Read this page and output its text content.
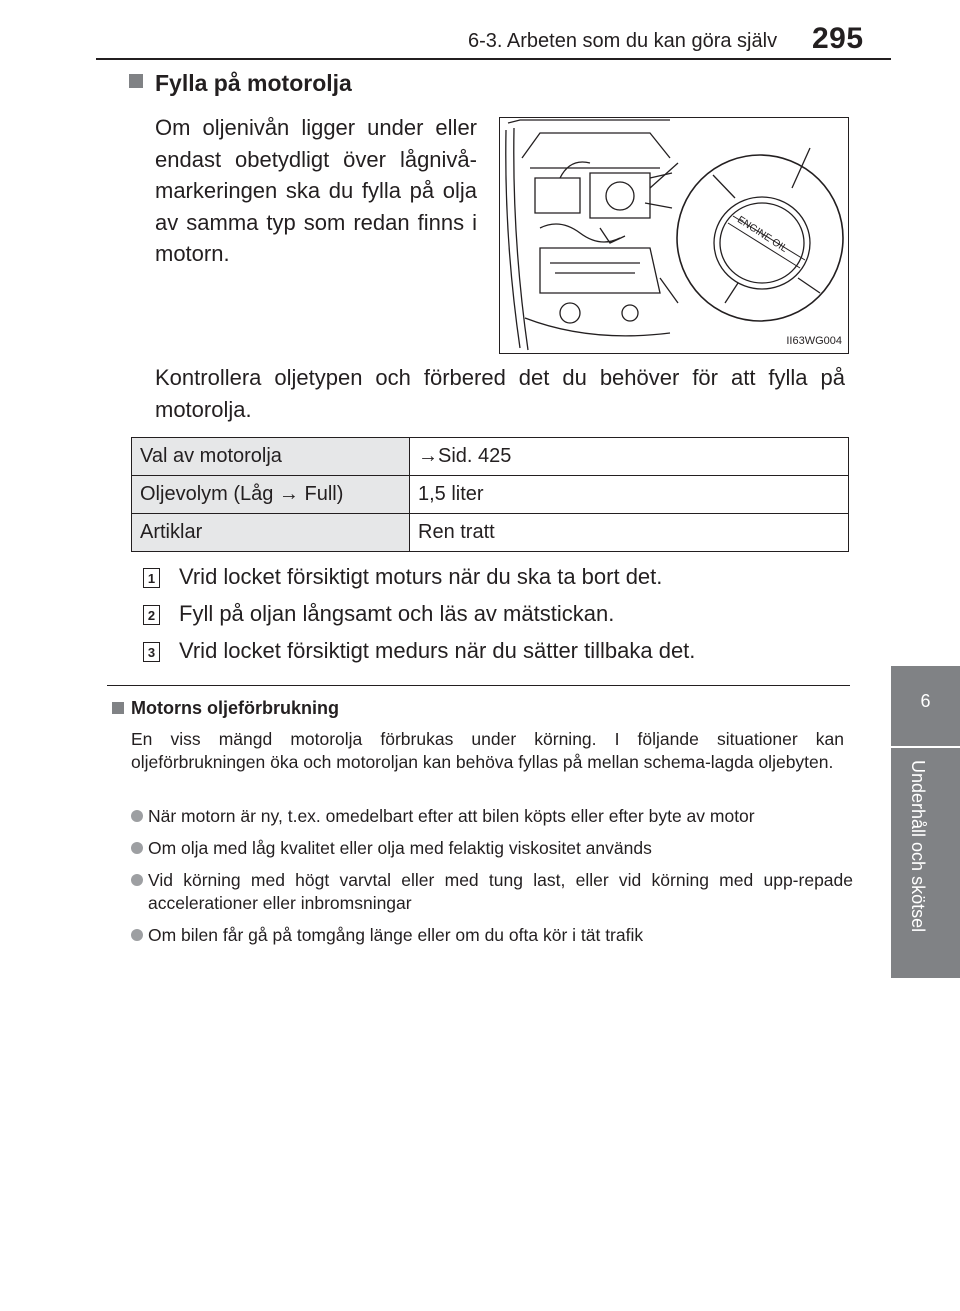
6-3. Arbeten som du kan göra själv 295
6
Underhåll och skötsel
Fylla på motorolja
Om oljenivån ligger under eller endast obetydligt över lågnivå-markeringen ska du fylla på olja av samma typ som redan finns i motorn.	ENGINE OIL
II63WG004
Kontrollera oljetypen och förbered det du behöver för att fylla på motorolja.
Val av motorolja	→Sid. 425
Oljevolym (Låg → Full)	1,5 liter
Artiklar	Ren tratt
1 Vrid locket försiktigt moturs när du ska ta bort det.
2 Fyll på oljan långsamt och läs av mätstickan.
3 Vrid locket försiktigt medurs när du sätter tillbaka det.
Motorns oljeförbrukning
En viss mängd motorolja förbrukas under körning. I följande situationer kan oljeförbrukningen öka och motoroljan kan behöva fyllas på mellan schema-lagda oljebyten.
När motorn är ny, t.ex. omedelbart efter att bilen köpts eller efter byte av motor
Om olja med låg kvalitet eller olja med felaktig viskositet används
Vid körning med högt varvtal eller med tung last, eller vid körning med upp-repade accelerationer eller inbromsningar
Om bilen får gå på tomgång länge eller om du ofta kör i tät trafik
